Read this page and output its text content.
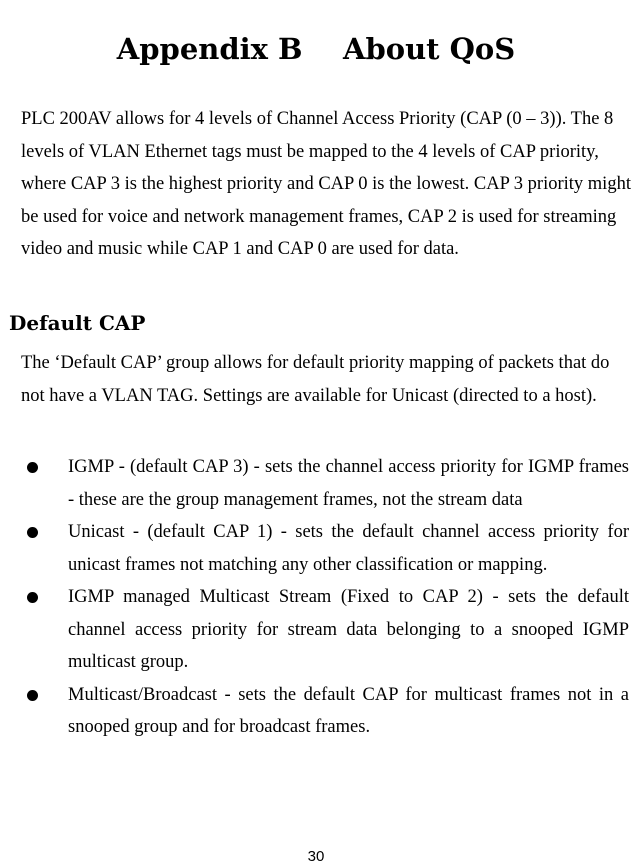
Appendix B    About QoS

PLC 200AV allows for 4 levels of Channel Access Priority (CAP (0 – 3)). The 8 levels of VLAN Ethernet tags must be mapped to the 4 levels of CAP priority, where CAP 3 is the highest priority and CAP 0 is the lowest. CAP 3 priority might be used for voice and network management frames, CAP 2 is used for streaming video and music while CAP 1 and CAP 0 are used for data.

Default CAP

The ‘Default CAP’ group allows for default priority mapping of packets that do not have a VLAN TAG. Settings are available for Unicast (directed to a host).

IGMP - (default CAP 3) - sets the channel access priority for IGMP frames - these are the group management frames, not the stream data
Unicast - (default CAP 1) - sets the default channel access priority for unicast frames not matching any other classification or mapping.
IGMP managed Multicast Stream (Fixed to CAP 2) - sets the default channel access priority for stream data belonging to a snooped IGMP multicast group.
Multicast/Broadcast - sets the default CAP for multicast frames not in a snooped group and for broadcast frames.

30
